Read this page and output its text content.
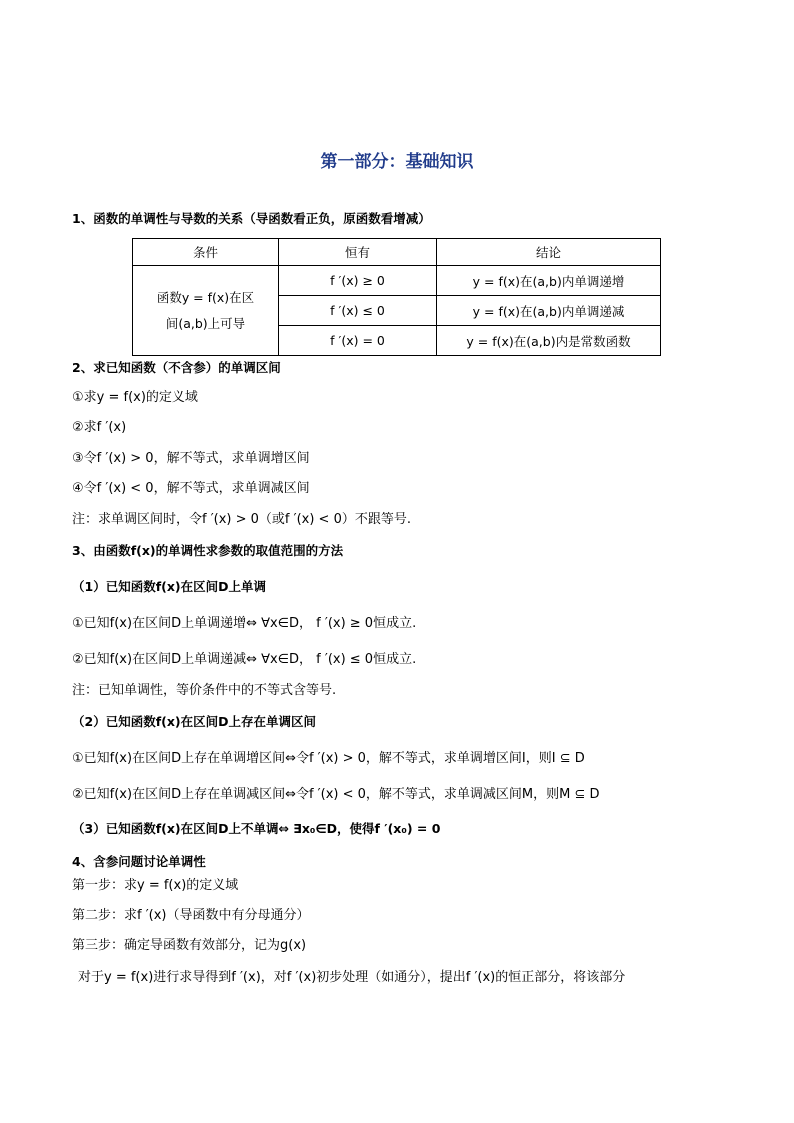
第一部分：基础知识
1、函数的单调性与导数的关系（导函数看正负，原函数看增减）
条件	恒有	结论

函数y = f(x)在区
间(a,b)上可导	f ′(x) ≥ 0	y = f(x)在(a,b)内单调递增
	f ′(x) ≤ 0	y = f(x)在(a,b)内单调递减
	f ′(x) = 0	y = f(x)在(a,b)内是常数函数
2、求已知函数（不含参）的单调区间
①求y = f(x)的定义域
②求f ′(x)
③令f ′(x) > 0，解不等式，求单调增区间
④令f ′(x) < 0，解不等式，求单调减区间
注：求单调区间时，令f ′(x) > 0（或f ′(x) < 0）不跟等号.
3、由函数f(x)的单调性求参数的取值范围的方法
（1）已知函数f(x)在区间D上单调
①已知f(x)在区间D上单调递增⇔ ∀x∈D， f ′(x) ≥ 0恒成立.
②已知f(x)在区间D上单调递减⇔ ∀x∈D， f ′(x) ≤ 0恒成立.
注：已知单调性，等价条件中的不等式含等号.
（2）已知函数f(x)在区间D上存在单调区间
①已知f(x)在区间D上存在单调增区间⇔令f ′(x) > 0，解不等式，求单调增区间I，则I ⊆ D
②已知f(x)在区间D上存在单调减区间⇔令f ′(x) < 0，解不等式，求单调减区间M，则M ⊆ D
（3）已知函数f(x)在区间D上不单调⇔ ∃x₀∈D，使得f ′(x₀) = 0
4、含参问题讨论单调性
第一步：求y = f(x)的定义域
第二步：求f ′(x)（导函数中有分母通分）
第三步：确定导函数有效部分，记为g(x)
对于y = f(x)进行求导得到f ′(x)，对f ′(x)初步处理（如通分），提出f ′(x)的恒正部分，将该部分
